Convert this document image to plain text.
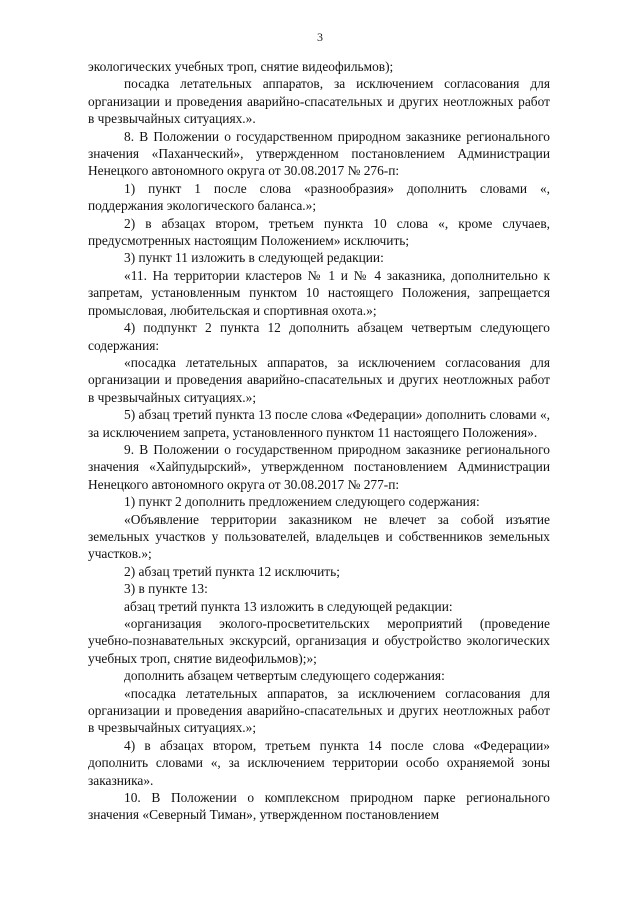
3

экологических учебных троп, снятие видеофильмов);

посадка летательных аппаратов, за исключением согласования для организации и проведения аварийно-спасательных и других неотложных работ в чрезвычайных ситуациях.».

8. В Положении о государственном природном заказнике регионального значения «Паханческий», утвержденном постановлением Администрации Ненецкого автономного округа от 30.08.2017 № 276-п:

1) пункт 1 после слова «разнообразия» дополнить словами «, поддержания экологического баланса.»;

2) в абзацах втором, третьем пункта 10 слова «, кроме случаев, предусмотренных настоящим Положением» исключить;

3) пункт 11 изложить в следующей редакции:

«11. На территории кластеров № 1 и № 4 заказника, дополнительно к запретам, установленным пунктом 10 настоящего Положения, запрещается промысловая, любительская и спортивная охота.»;

4) подпункт 2 пункта 12 дополнить абзацем четвертым следующего содержания:

«посадка летательных аппаратов, за исключением согласования для организации и проведения аварийно-спасательных и других неотложных работ в чрезвычайных ситуациях.»;

5) абзац третий пункта 13 после слова «Федерации» дополнить словами «, за исключением запрета, установленного пунктом 11 настоящего Положения».

9. В Положении о государственном природном заказнике регионального значения «Хайпудырский», утвержденном постановлением Администрации Ненецкого автономного округа от 30.08.2017 № 277-п:

1) пункт 2 дополнить предложением следующего содержания:

«Объявление территории заказником не влечет за собой изъятие земельных участков у пользователей, владельцев и собственников земельных участков.»;

2) абзац третий пункта 12 исключить;

3) в пункте 13:

абзац третий пункта 13 изложить в следующей редакции:

«организация эколого-просветительских мероприятий (проведение учебно-познавательных экскурсий, организация и обустройство экологических учебных троп, снятие видеофильмов);»;

дополнить абзацем четвертым следующего содержания:

«посадка летательных аппаратов, за исключением согласования для организации и проведения аварийно-спасательных и других неотложных работ в чрезвычайных ситуациях.»;

4) в абзацах втором, третьем пункта 14 после слова «Федерации» дополнить словами «, за исключением территории особо охраняемой зоны заказника».

10. В Положении о комплексном природном парке регионального значения «Северный Тиман», утвержденном постановлением
